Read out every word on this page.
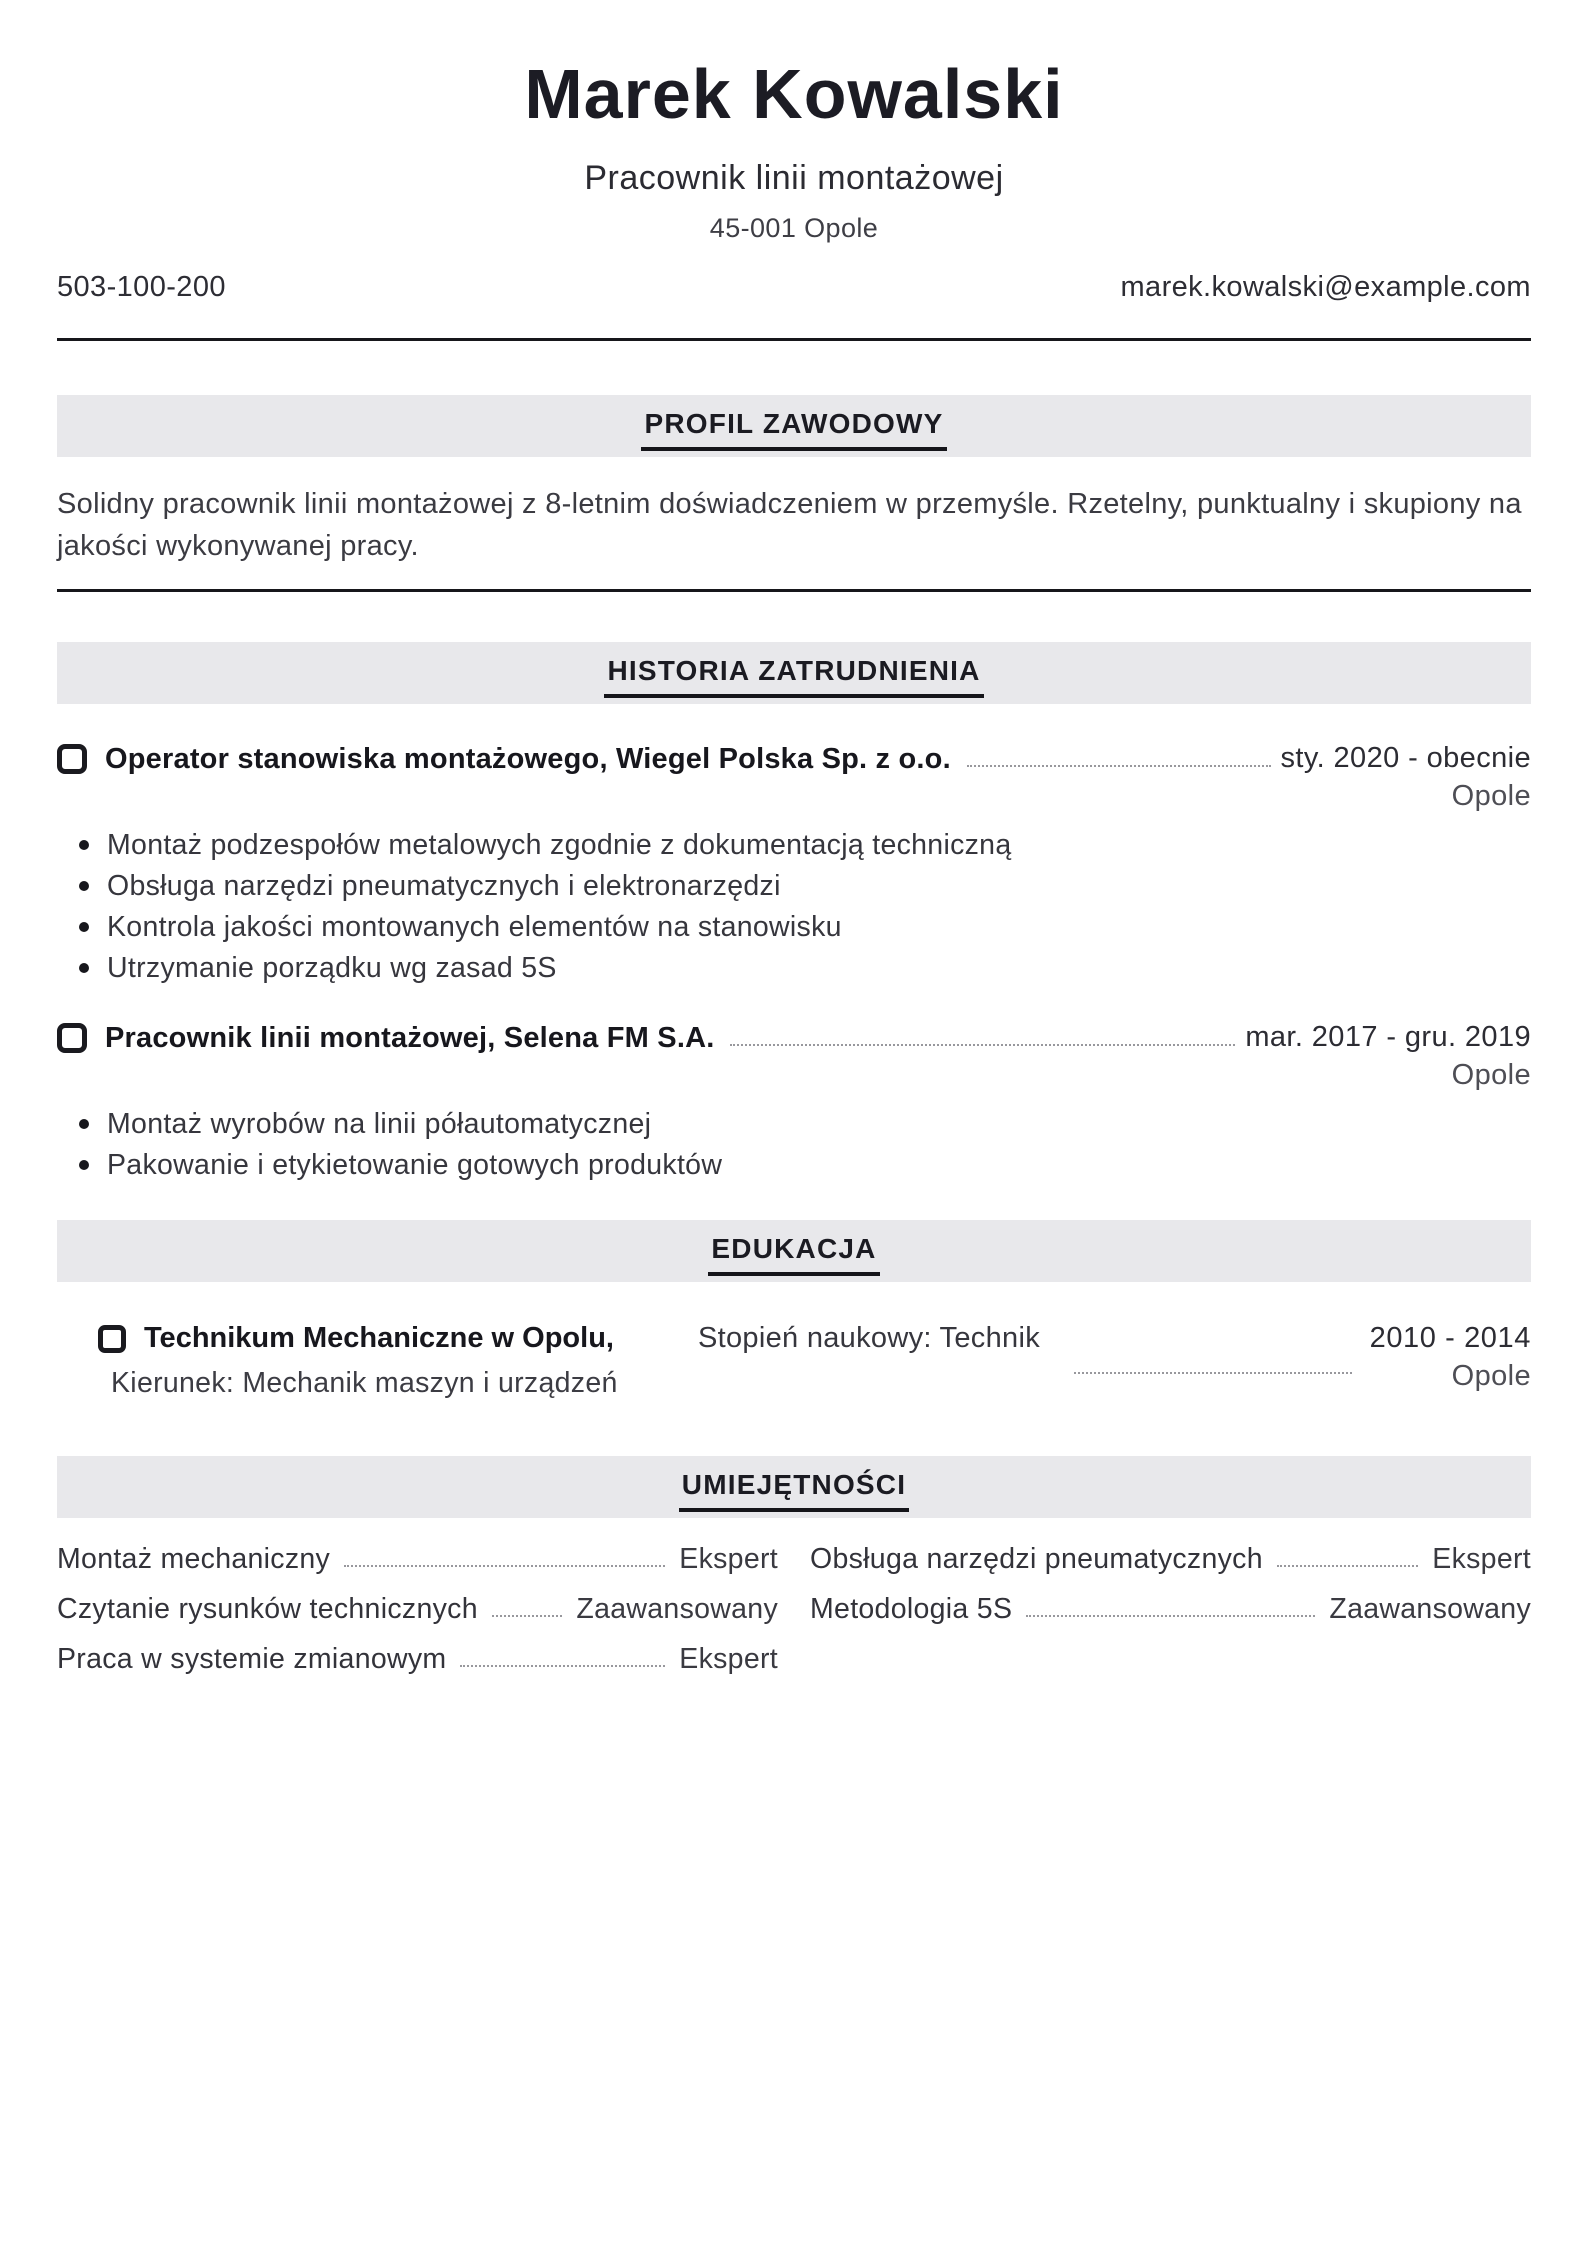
Marek Kowalski
Pracownik linii montażowej
45-001 Opole
503-100-200	marek.kowalski@example.com
PROFIL ZAWODOWY

Solidny pracownik linii montażowej z 8-letnim doświadczeniem w przemyśle. Rzetelny, punktualny i skupiony na jakości wykonywanej pracy.

HISTORIA ZATRUDNIENIA
Operator stanowiska montażowego, Wiegel Polska Sp. z o.o.	sty. 2020 - obecnie
Opole
Montaż podzespołów metalowych zgodnie z dokumentacją techniczną
Obsługa narzędzi pneumatycznych i elektronarzędzi
Kontrola jakości montowanych elementów na stanowisku
Utrzymanie porządku wg zasad 5S
Pracownik linii montażowej, Selena FM S.A.	mar. 2017 - gru. 2019
Opole
Montaż wyrobów na linii półautomatycznej
Pakowanie i etykietowanie gotowych produktów
EDUKACJA
Technikum Mechaniczne w Opolu,
Kierunek: Mechanik maszyn i urządzeń
Stopień naukowy: Technik	2010 - 2014
Opole
UMIEJĘTNOŚCI
Montaż mechaniczny	Ekspert
Czytanie rysunków technicznych	Zaawansowany
Praca w systemie zmianowym	Ekspert
Obsługa narzędzi pneumatycznych	Ekspert
Metodologia 5S	Zaawansowany
